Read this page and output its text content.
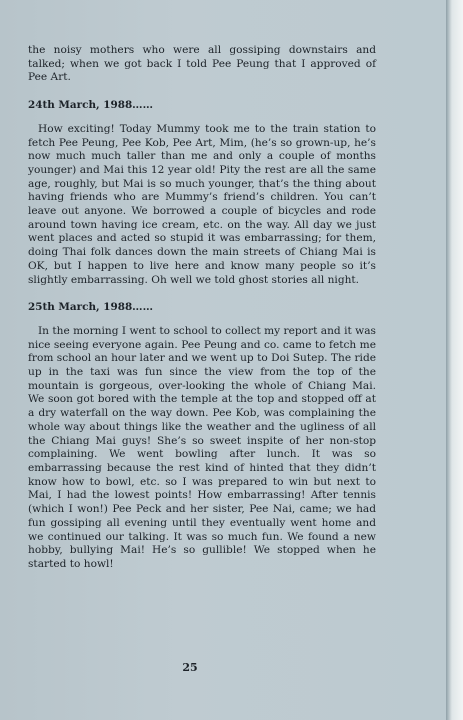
the noisy mothers who were all gossiping downstairs and talked; when we got back I told Pee Peung that I approved of Pee Art.

24th March, 1988……

How exciting! Today Mummy took me to the train station to fetch Pee Peung, Pee Kob, Pee Art, Mim, (he’s so grown-up, he’s now much much taller than me and only a couple of months younger) and Mai this 12 year old! Pity the rest are all the same age, roughly, but Mai is so much younger, that’s the thing about having friends who are Mummy’s friend’s children. You can’t leave out anyone. We borrowed a couple of bicycles and rode around town having ice cream, etc. on the way. All day we just went places and acted so stupid it was embarrassing; for them, doing Thai folk dances down the main streets of Chiang Mai is OK, but I happen to live here and know many people so it’s slightly embarrassing. Oh well we told ghost stories all night.

25th March, 1988……

In the morning I went to school to collect my report and it was nice seeing everyone again. Pee Peung and co. came to fetch me from school an hour later and we went up to Doi Sutep. The ride up in the taxi was fun since the view from the top of the mountain is gorgeous, over-looking the whole of Chiang Mai. We soon got bored with the temple at the top and stopped off at a dry waterfall on the way down. Pee Kob, was complaining the whole way about things like the weather and the ugliness of all the Chiang Mai guys! She’s so sweet inspite of her non-stop complaining. We went bowling after lunch. It was so embarrassing because the rest kind of hinted that they didn’t know how to bowl, etc. so I was prepared to win but next to Mai, I had the lowest points! How embarrassing! After tennis (which I won!) Pee Peck and her sister, Pee Nai, came; we had fun gossiping all evening until they eventually went home and we continued our talking. It was so much fun. We found a new hobby, bullying Mai! He’s so gullible! We stopped when he started to howl!

25
